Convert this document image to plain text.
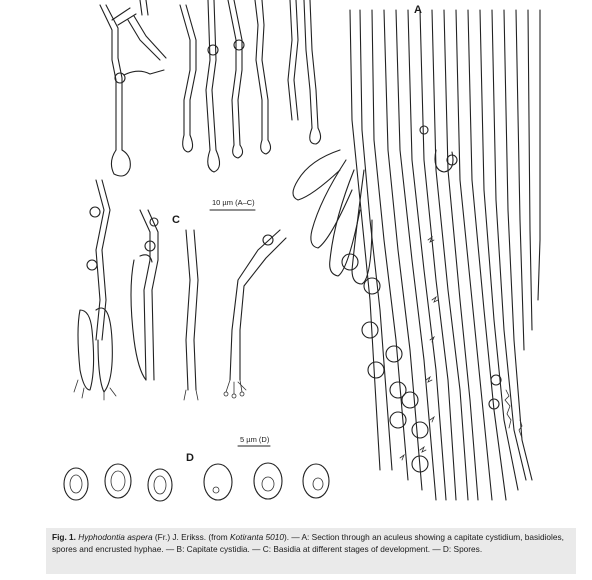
A
C
D
10 µm (A–C)
5 µm (D)
Fig. 1. Hyphodontia aspera (Fr.) J. Erikss. (from Kotiranta 5010). — A: Section through an aculeus showing a capitate cystidium, basidioles, spores and encrusted hyphae. — B: Capitate cystidia. — C: Basidia at different stages of development. — D: Spores.
